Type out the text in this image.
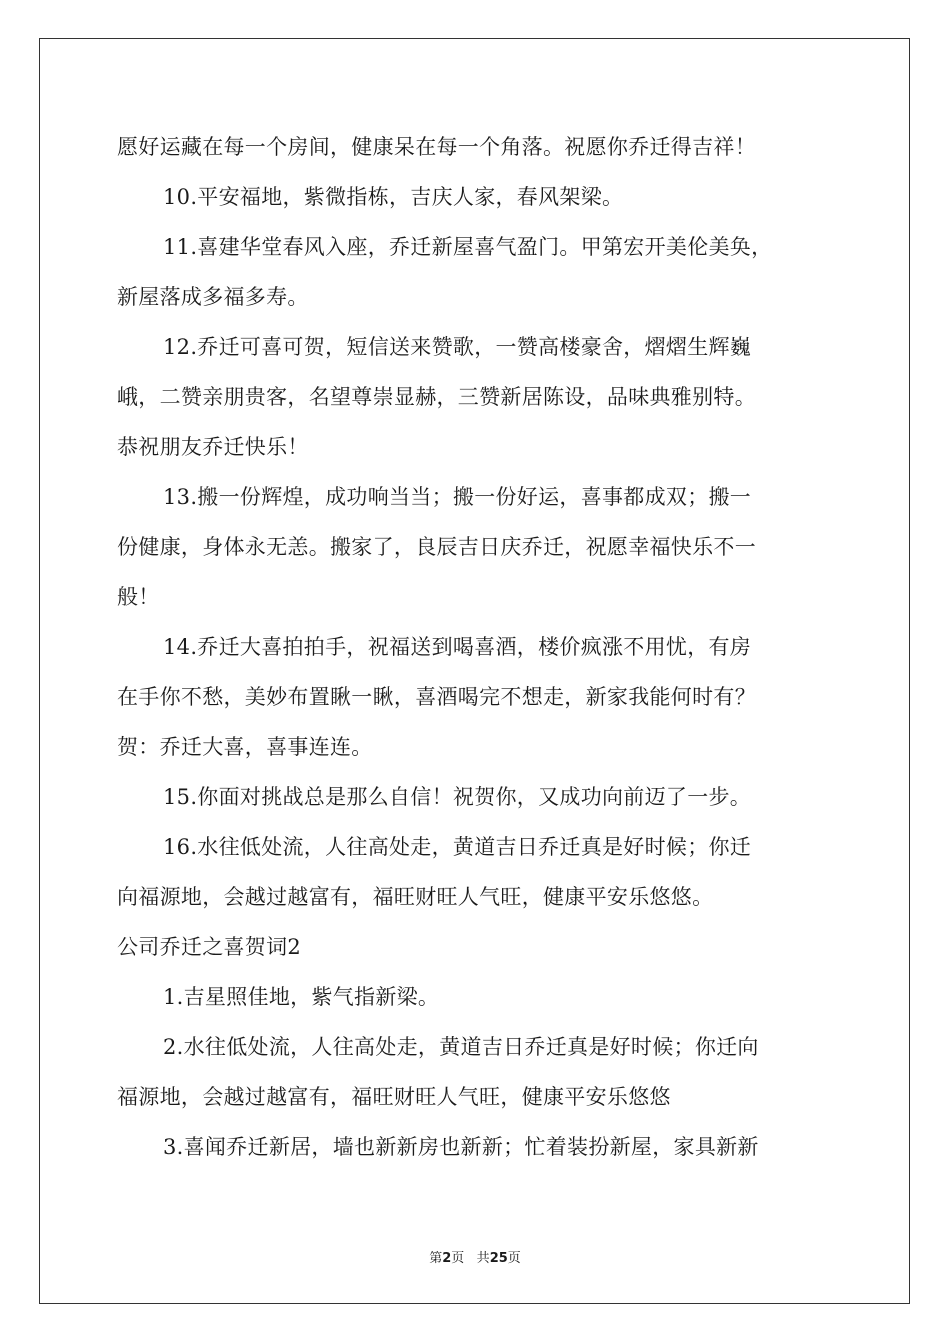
愿好运藏在每一个房间，健康呆在每一个角落。祝愿你乔迁得吉祥！
10.平安福地，紫微指栋，吉庆人家，春风架梁。
11.喜建华堂春风入座，乔迁新屋喜气盈门。甲第宏开美伦美奂，
新屋落成多福多寿。
12.乔迁可喜可贺，短信送来赞歌，一赞高楼豪舍，熠熠生辉巍
峨，二赞亲朋贵客，名望尊崇显赫，三赞新居陈设，品味典雅别特。
恭祝朋友乔迁快乐！
13.搬一份辉煌，成功响当当；搬一份好运，喜事都成双；搬一
份健康，身体永无恙。搬家了，良辰吉日庆乔迁，祝愿幸福快乐不一
般！
14.乔迁大喜拍拍手，祝福送到喝喜酒，楼价疯涨不用忧，有房
在手你不愁，美妙布置瞅一瞅，喜酒喝完不想走，新家我能何时有？
贺：乔迁大喜，喜事连连。
15.你面对挑战总是那么自信！祝贺你，又成功向前迈了一步。
16.水往低处流，人往高处走，黄道吉日乔迁真是好时候；你迁
向福源地，会越过越富有，福旺财旺人气旺，健康平安乐悠悠。
公司乔迁之喜贺词2
1.吉星照佳地，紫气指新梁。
2.水往低处流，人往高处走，黄道吉日乔迁真是好时候；你迁向
福源地，会越过越富有，福旺财旺人气旺，健康平安乐悠悠
3.喜闻乔迁新居，墙也新新房也新新；忙着装扮新屋，家具新新
第2页 共25页
